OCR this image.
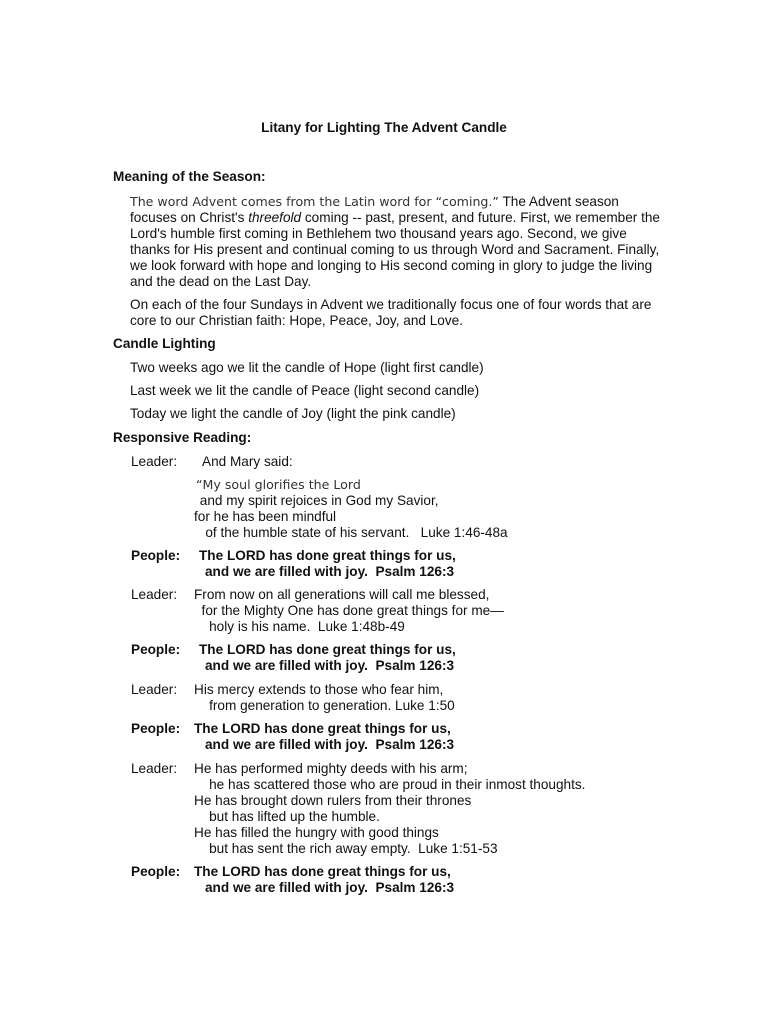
Litany for Lighting The Advent Candle
Meaning of the Season:
The word Advent comes from the Latin word for “coming.” The Advent season focuses on Christ's threefold coming -- past, present, and future. First, we remember the Lord's humble first coming in Bethlehem two thousand years ago. Second, we give thanks for His present and continual coming to us through Word and Sacrament. Finally, we look forward with hope and longing to His second coming in glory to judge the living and the dead on the Last Day.
On each of the four Sundays in Advent we traditionally focus one of four words that are core to our Christian faith: Hope, Peace, Joy, and Love.
Candle Lighting
Two weeks ago we lit the candle of Hope (light first candle)
Last week we lit the candle of Peace (light second candle)
Today we light the candle of Joy (light the pink candle)
Responsive Reading:
Leader: And Mary said:
“My soul glorifies the Lord
and my spirit rejoices in God my Savior,
for he has been mindful
of the humble state of his servant.   Luke 1:46-48a
People: The LORD has done great things for us,
and we are filled with joy.  Psalm 126:3
Leader: From now on all generations will call me blessed,
for the Mighty One has done great things for me—
holy is his name.  Luke 1:48b-49
People: The LORD has done great things for us,
and we are filled with joy.  Psalm 126:3
Leader: His mercy extends to those who fear him,
from generation to generation. Luke 1:50
People: The LORD has done great things for us,
and we are filled with joy.  Psalm 126:3
Leader: He has performed mighty deeds with his arm;
he has scattered those who are proud in their inmost thoughts.
He has brought down rulers from their thrones
but has lifted up the humble.
He has filled the hungry with good things
but has sent the rich away empty.  Luke 1:51-53
People: The LORD has done great things for us,
and we are filled with joy.  Psalm 126:3
